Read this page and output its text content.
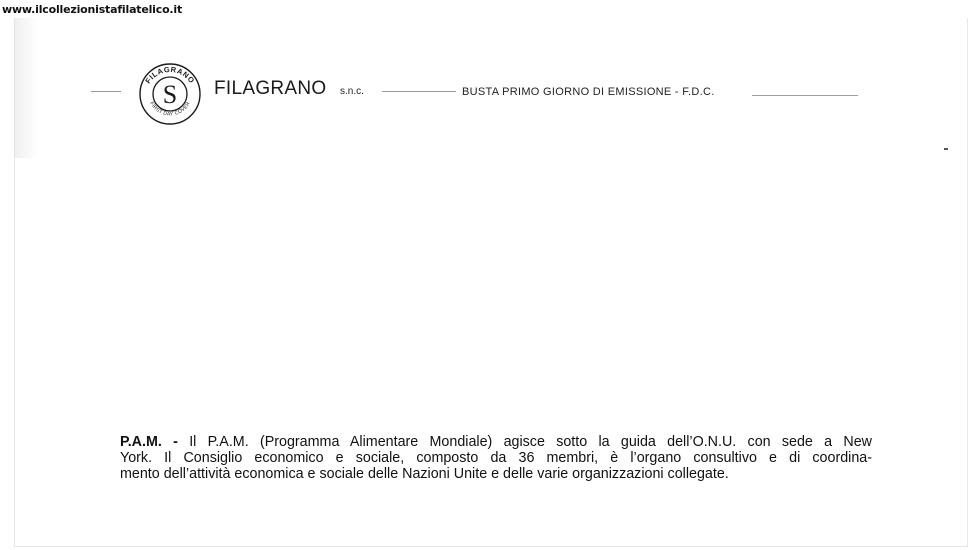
www.ilcollezionistafilatelico.it
FILAGRANO
FIRST DAY COVER
S FILAGRANO s.n.c.	BUSTA PRIMO GIORNO DI EMISSIONE - F.D.C.
P.A.M. - Il P.A.M. (Programma Alimentare Mondiale) agisce sotto la guida dell’O.N.U. con sede a New
York. Il Consiglio economico e sociale, composto da 36 membri, è l’organo consultivo e di coordina-
mento dell’attività economica e sociale delle Nazioni Unite e delle varie organizzazioni collegate.
